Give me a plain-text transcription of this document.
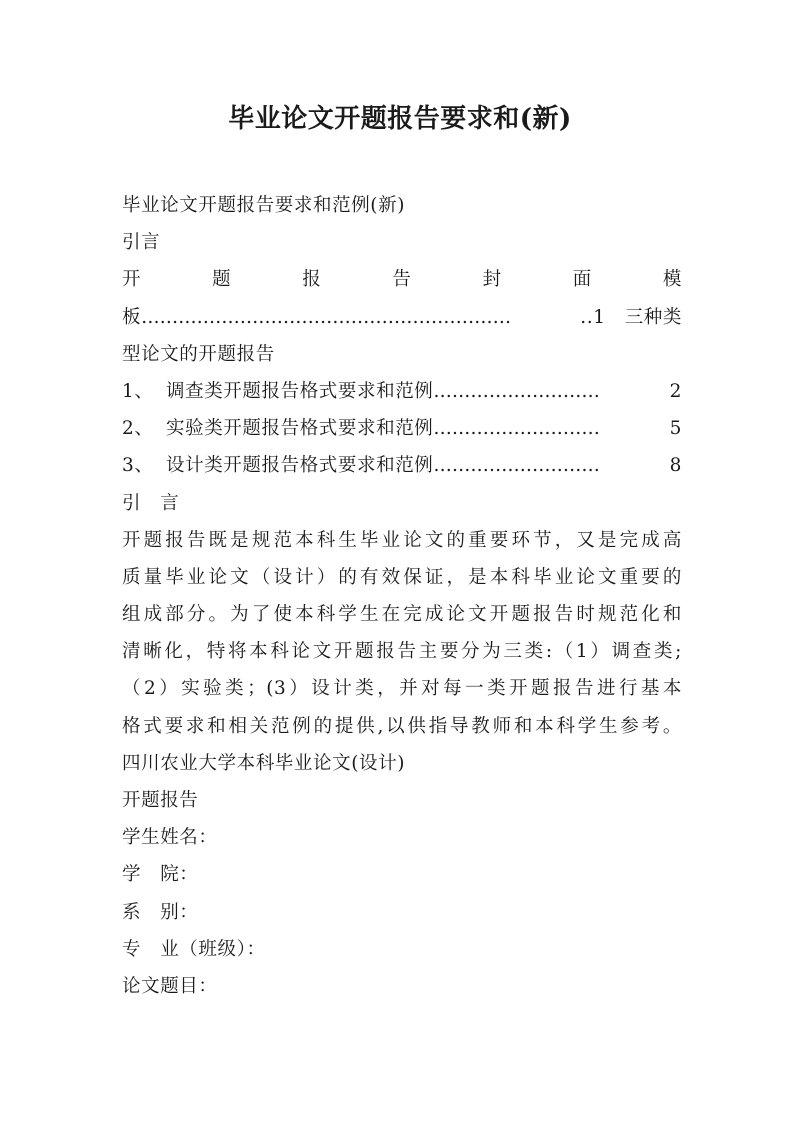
毕业论文开题报告要求和(新)
毕业论文开题报告要求和范例(新)
引言
开	题	报	告	封	面	模
板 ……………………………………………………	..1　三种类
型论文的开题报告
1、 调查类开题报告格式要求和范例 ………………………	2
2、 实验类开题报告格式要求和范例 ………………………	5
3、 设计类开题报告格式要求和范例 ………………………	8
引　言
开题报告既是规范本科生毕业论文的重要环节，又是完成高
质量毕业论文（设计）的有效保证，是本科毕业论文重要的
组成部分。为了使本科学生在完成论文开题报告时规范化和
清晰化，特将本科论文开题报告主要分为三类:（1）调查类;
（2）实验类；(3）设计类，并对每一类开题报告进行基本
格式要求和相关范例的提供,以供指导教师和本科学生参考。
四川农业大学本科毕业论文(设计)
开题报告
学生姓名：
学　院：
系　别：
专　业（班级）：
论文题目：
